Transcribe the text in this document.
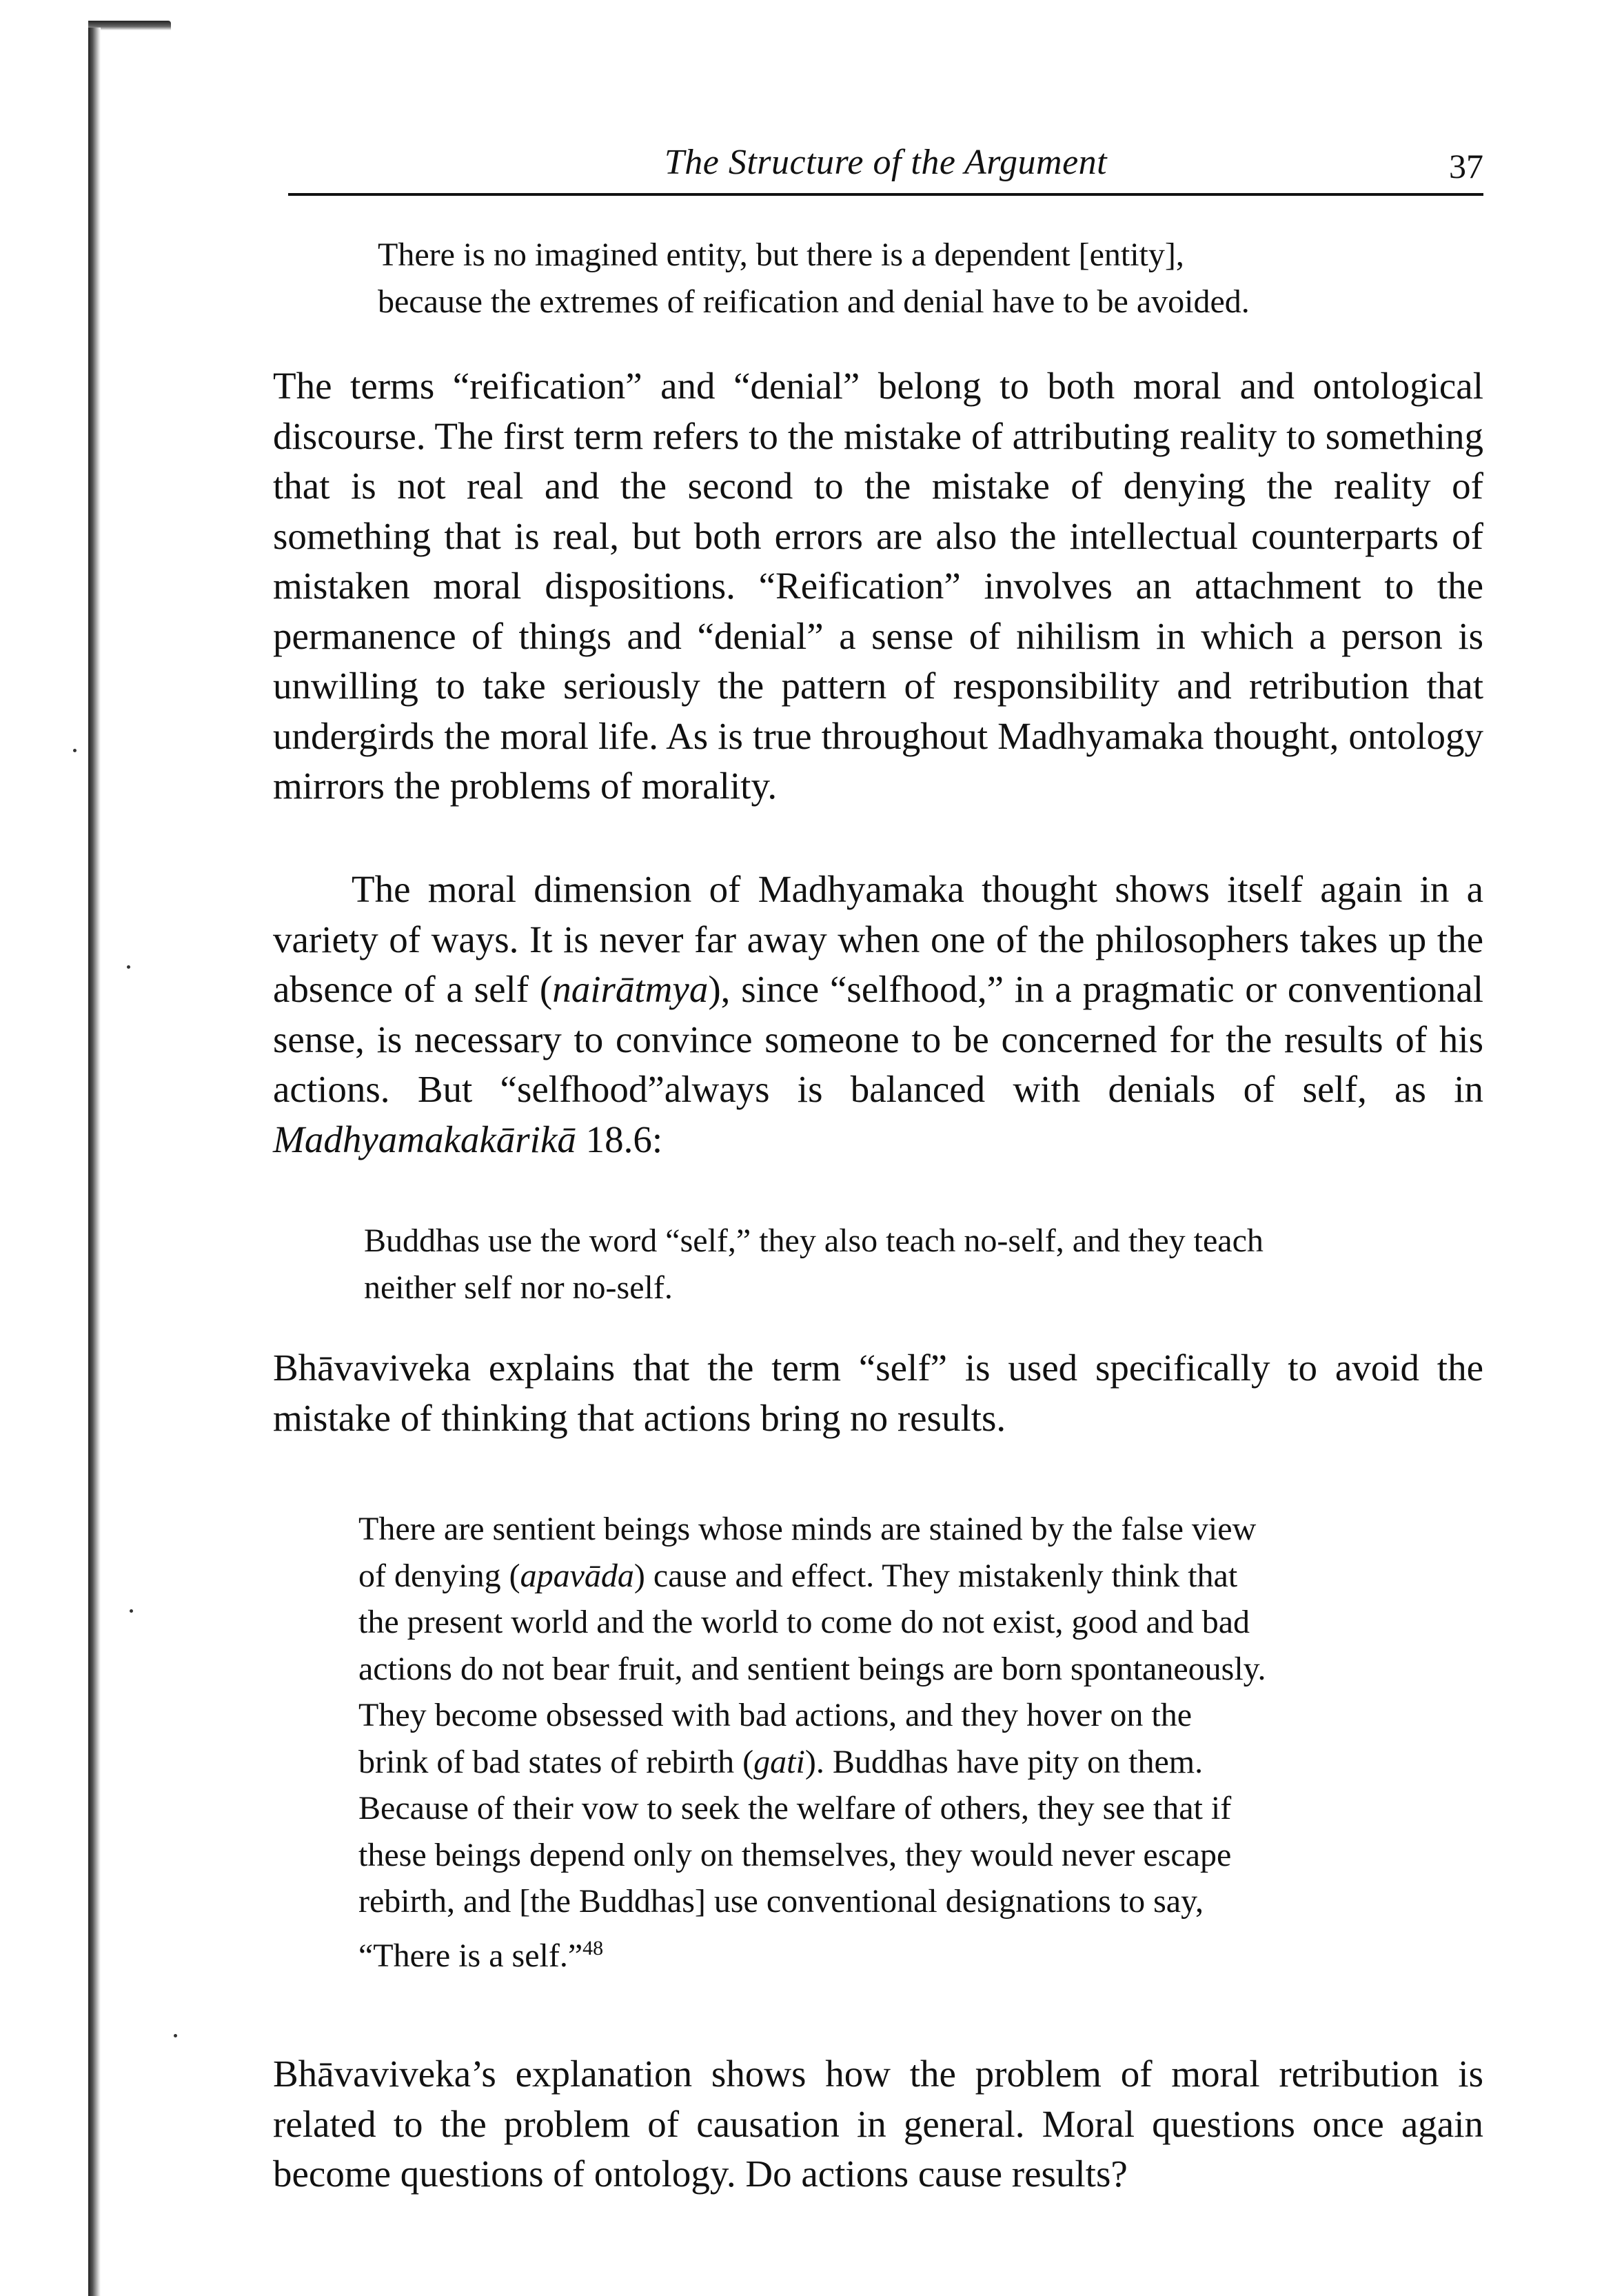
The Structure of the Argument	37
There is no imagined entity, but there is a dependent [entity],
because the extremes of reification and denial have to be avoided.

The terms “reification” and “denial” belong to both moral and ontological discourse. The first term refers to the mistake of attributing reality to something that is not real and the second to the mistake of denying the reality of something that is real, but both errors are also the intellectual counterparts of mistaken moral dispositions. “Reification” involves an attachment to the permanence of things and “denial” a sense of nihilism in which a person is unwilling to take seriously the pattern of responsibility and retribution that undergirds the moral life. As is true throughout Madhyamaka thought, ontology mirrors the problems of morality.

The moral dimension of Madhyamaka thought shows itself again in a variety of ways. It is never far away when one of the philosophers takes up the absence of a self (nairātmya), since “selfhood,” in a pragmatic or conventional sense, is necessary to convince someone to be concerned for the results of his actions. But “selfhood”always is balanced with denials of self, as in Madhyamakakārikā 18.6:

Buddhas use the word “self,” they also teach no-self, and they teach
neither self nor no-self.

Bhāvaviveka explains that the term “self” is used specifically to avoid the mistake of thinking that actions bring no results.

There are sentient beings whose minds are stained by the false view
of denying (apavāda) cause and effect. They mistakenly think that
the present world and the world to come do not exist, good and bad
actions do not bear fruit, and sentient beings are born spontaneously.
They become obsessed with bad actions, and they hover on the
brink of bad states of rebirth (gati). Buddhas have pity on them.
Because of their vow to seek the welfare of others, they see that if
these beings depend only on themselves, they would never escape
rebirth, and [the Buddhas] use conventional designations to say,
“There is a self.”$^{48}$

Bhāvaviveka’s explanation shows how the problem of moral retribution is related to the problem of causation in general. Moral questions once again become questions of ontology. Do actions cause results?
